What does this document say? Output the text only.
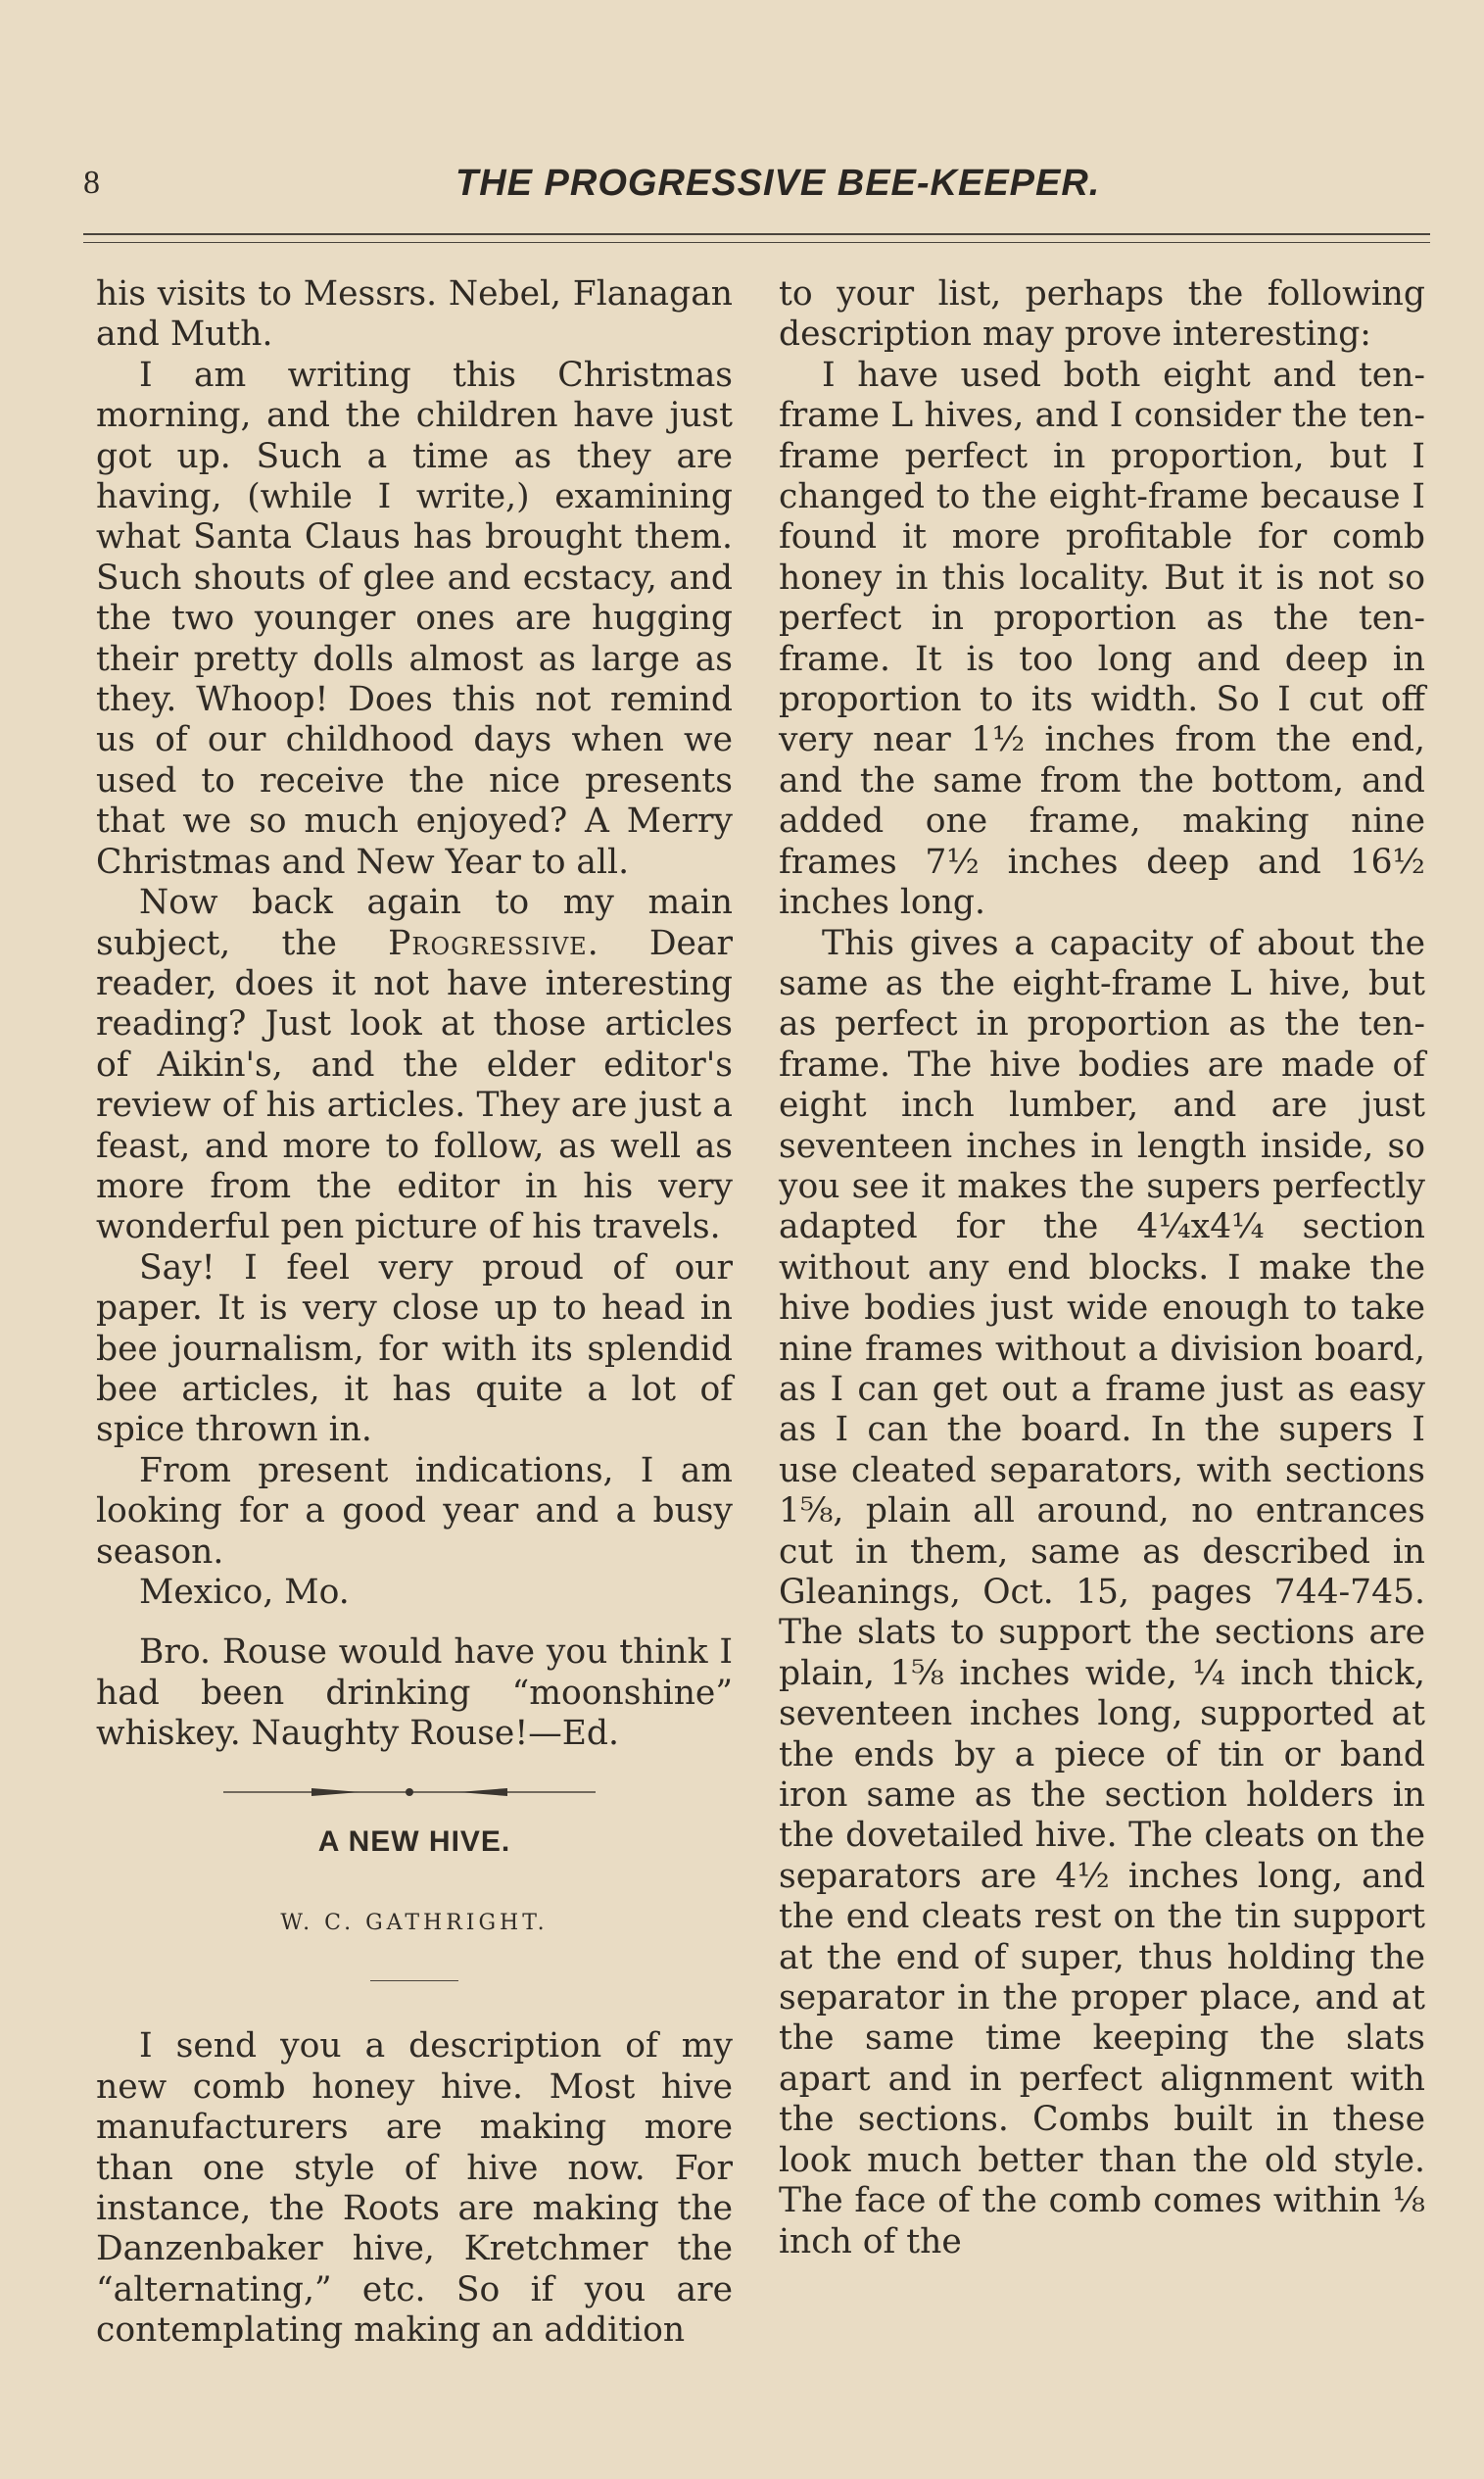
8	THE PROGRESSIVE BEE-KEEPER.

his visits to Messrs. Nebel, Flanagan and Muth.

I am writing this Christmas morning, and the children have just got up. Such a time as they are having, (while I write,) examining what Santa Claus has brought them. Such shouts of glee and ecstacy, and the two younger ones are hugging their pretty dolls almost as large as they. Whoop! Does this not remind us of our childhood days when we used to receive the nice presents that we so much enjoyed? A Merry Christmas and New Year to all.

Now back again to my main subject, the Progressive. Dear reader, does it not have interesting reading? Just look at those articles of Aikin's, and the elder editor's review of his articles. They are just a feast, and more to follow, as well as more from the editor in his very wonderful pen picture of his travels.

Say! I feel very proud of our paper. It is very close up to head in bee journalism, for with its splendid bee articles, it has quite a lot of spice thrown in.

From present indications, I am looking for a good year and a busy season.

Mexico, Mo.

Bro. Rouse would have you think I had been drinking “moonshine” whiskey. Naughty Rouse!—Ed.

A NEW HIVE.
W. C. GATHRIGHT.

I send you a description of my new comb honey hive. Most hive manufacturers are making more than one style of hive now. For instance, the Roots are making the Danzenbaker hive, Kretchmer the “alternating,” etc. So if you are contemplating making an addition

to your list, perhaps the following description may prove interesting:

I have used both eight and ten-frame L hives, and I consider the ten-frame perfect in proportion, but I changed to the eight-frame because I found it more profitable for comb honey in this locality. But it is not so perfect in proportion as the ten-frame. It is too long and deep in proportion to its width. So I cut off very near 1½ inches from the end, and the same from the bottom, and added one frame, making nine frames 7½ inches deep and 16½ inches long.

This gives a capacity of about the same as the eight-frame L hive, but as perfect in proportion as the ten-frame. The hive bodies are made of eight inch lumber, and are just seventeen inches in length inside, so you see it makes the supers perfectly adapted for the 4¼x4¼ section without any end blocks. I make the hive bodies just wide enough to take nine frames without a division board, as I can get out a frame just as easy as I can the board. In the supers I use cleated separators, with sections 1⅝, plain all around, no entrances cut in them, same as described in Gleanings, Oct. 15, pages 744-745. The slats to support the sections are plain, 1⅝ inches wide, ¼ inch thick, seventeen inches long, supported at the ends by a piece of tin or band iron same as the section holders in the dovetailed hive. The cleats on the separators are 4½ inches long, and the end cleats rest on the tin support at the end of super, thus holding the separator in the proper place, and at the same time keeping the slats apart and in perfect alignment with the sections. Combs built in these look much better than the old style. The face of the comb comes within ⅛ inch of the
